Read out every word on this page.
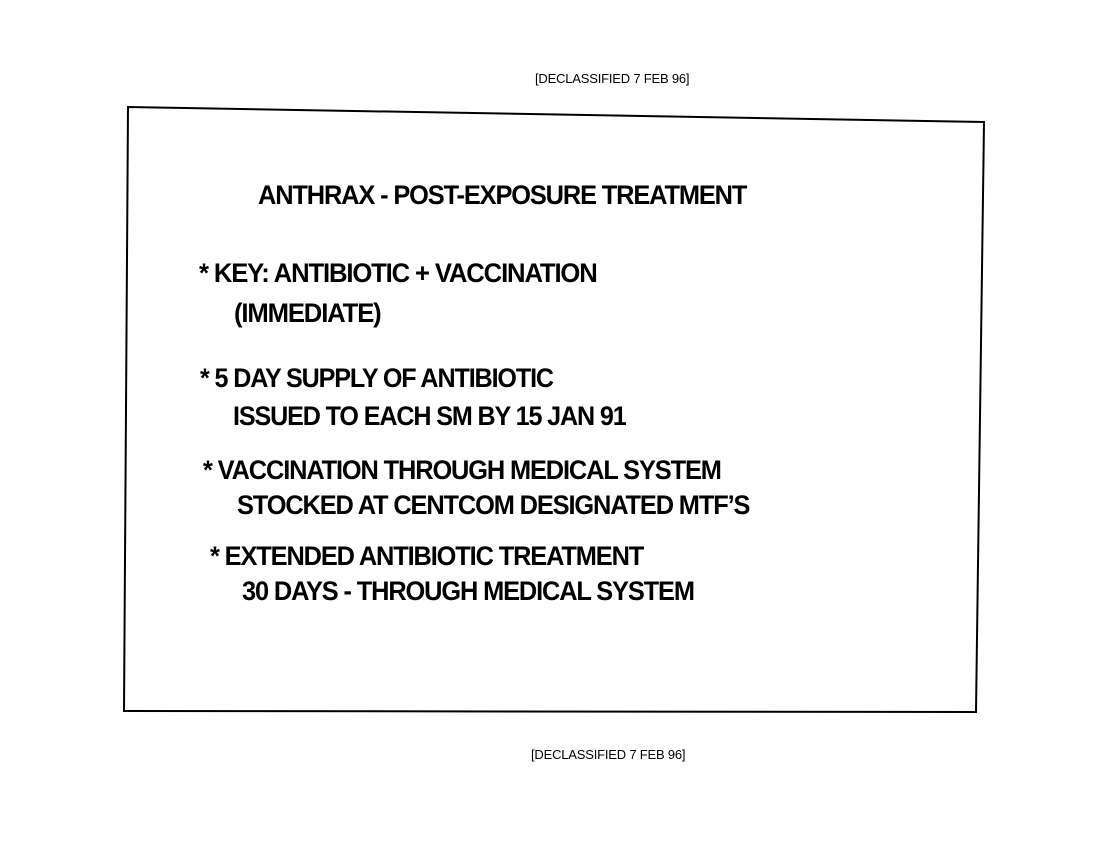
[DECLASSIFIED 7 FEB 96]
ANTHRAX - POST-EXPOSURE TREATMENT
* KEY: ANTIBIOTIC + VACCINATION
(IMMEDIATE)
* 5 DAY SUPPLY OF ANTIBIOTIC
ISSUED TO EACH SM BY 15 JAN 91
* VACCINATION THROUGH MEDICAL SYSTEM
STOCKED AT CENTCOM DESIGNATED MTF’S
* EXTENDED ANTIBIOTIC TREATMENT
30 DAYS - THROUGH MEDICAL SYSTEM
[DECLASSIFIED 7 FEB 96]
